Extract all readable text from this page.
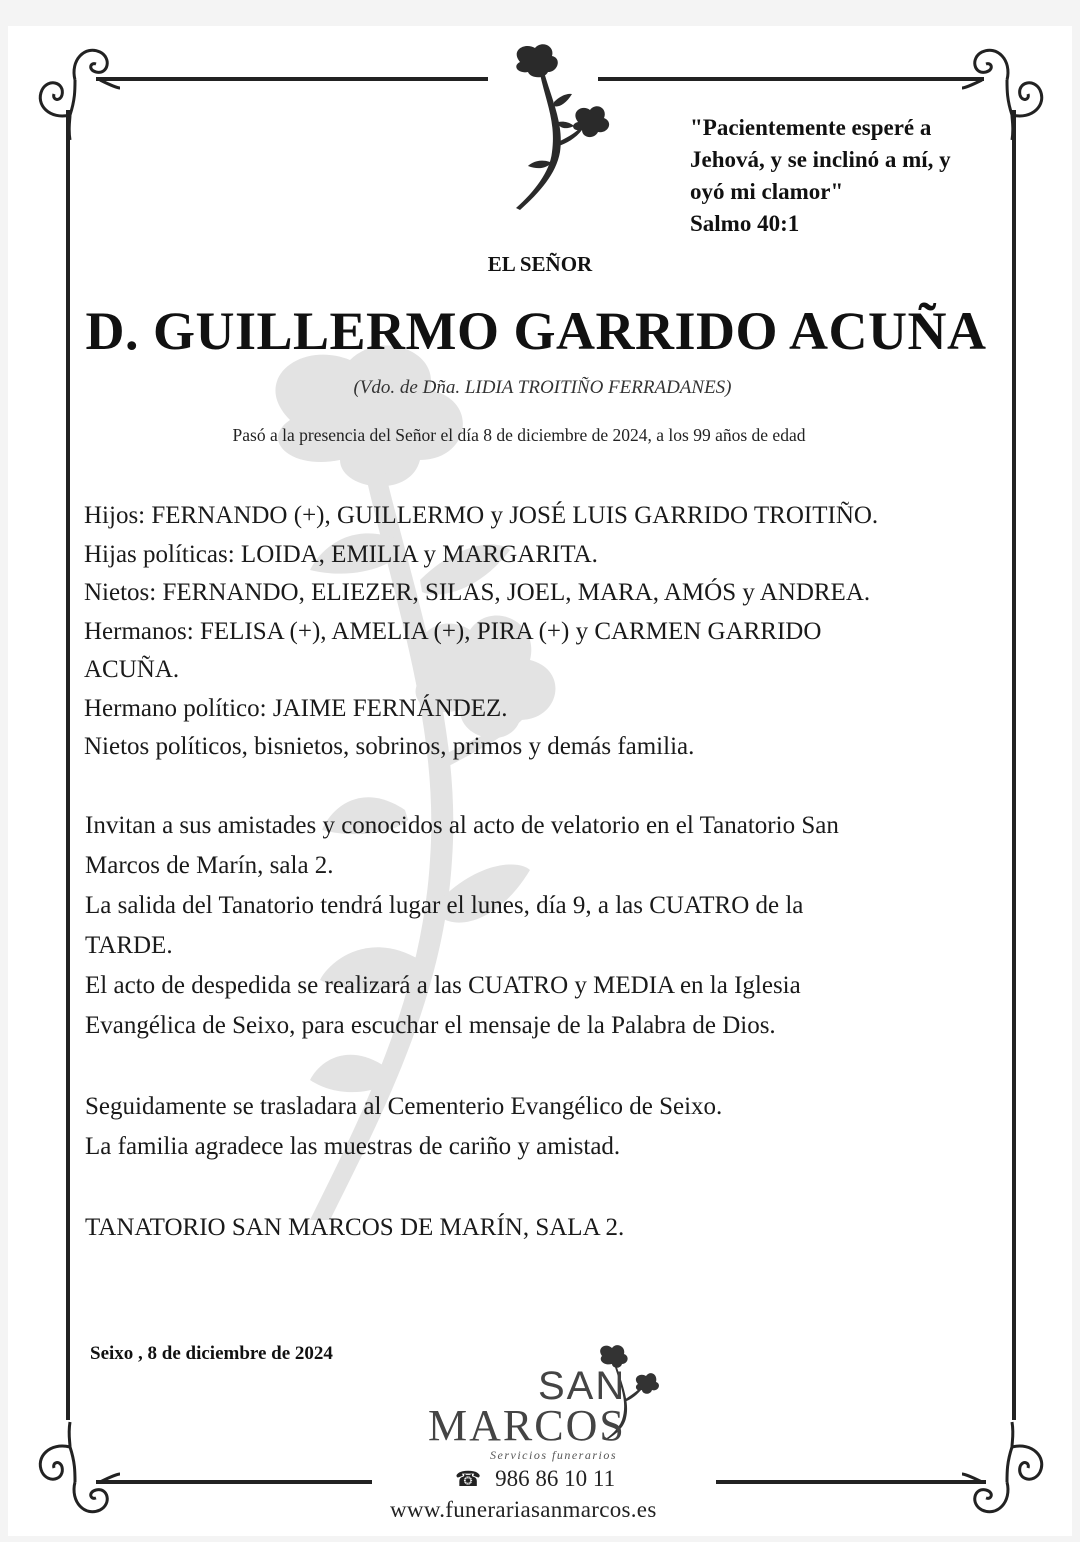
"Pacientemente esperé a
Jehová, y se inclinó a mí, y
oyó mi clamor"
Salmo 40:1
EL SEÑOR
D. GUILLERMO GARRIDO ACUÑA
(Vdo. de Dña. LIDIA TROITIÑO FERRADANES)
Pasó a la presencia del Señor el día 8 de diciembre de 2024, a los 99 años de edad
Hijos: FERNANDO (+), GUILLERMO y JOSÉ LUIS GARRIDO TROITIÑO.
Hijas políticas: LOIDA, EMILIA y MARGARITA.
Nietos: FERNANDO, ELIEZER, SILAS, JOEL, MARA, AMÓS y ANDREA.
Hermanos: FELISA (+), AMELIA (+), PIRA (+) y CARMEN GARRIDO
ACUÑA.
Hermano político: JAIME FERNÁNDEZ.
Nietos políticos, bisnietos, sobrinos, primos y demás familia.
Invitan a sus amistades y conocidos al acto de velatorio en el Tanatorio San
Marcos de Marín, sala 2.
La salida del Tanatorio tendrá lugar el lunes, día 9, a las CUATRO de la
TARDE.
El acto de despedida se realizará a las CUATRO y MEDIA en la Iglesia
Evangélica de Seixo, para escuchar el mensaje de la Palabra de Dios.
Seguidamente se trasladara al Cementerio Evangélico de Seixo.
La familia agradece las muestras de cariño y amistad.
TANATORIO SAN MARCOS DE MARÍN, SALA 2.
Seixo , 8 de diciembre de 2024
SAN
MARCOS
Servicios funerarios
☎ 986 86 10 11
www.funerariasanmarcos.es
